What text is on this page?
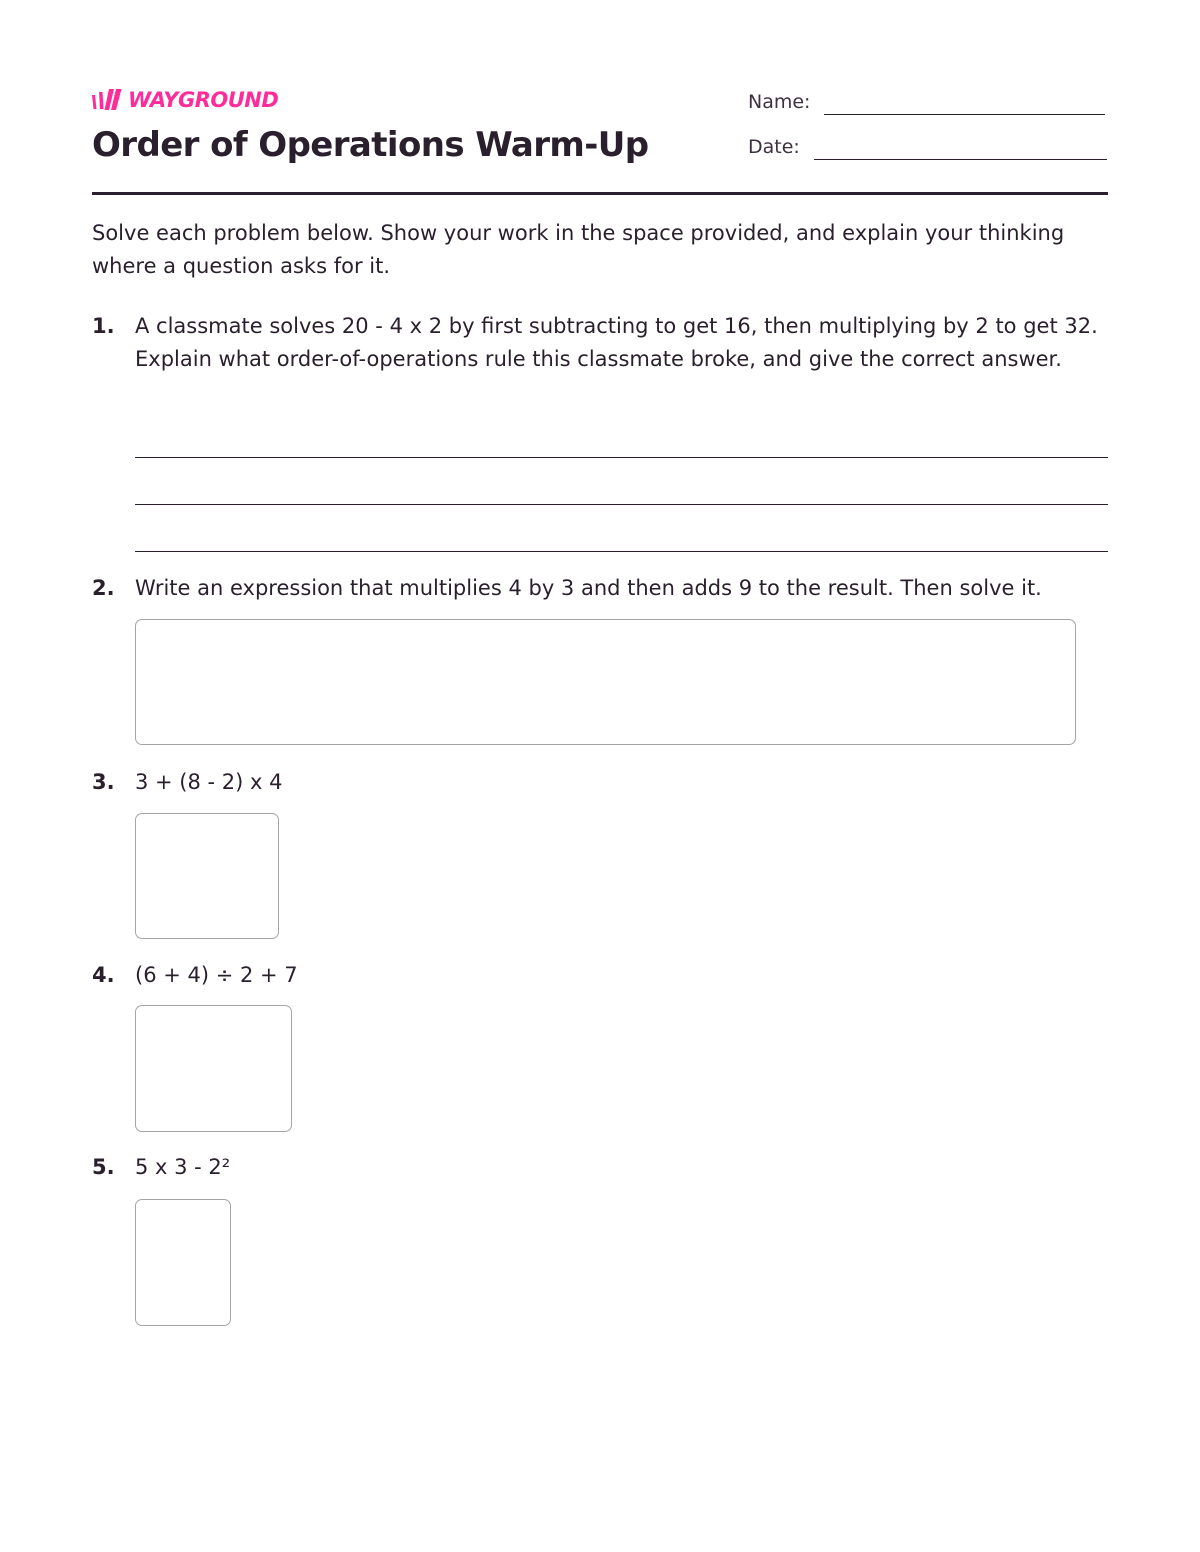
WAYGROUND
Order of Operations Warm-Up
Name:
Date:

Solve each problem below. Show your work in the space provided, and explain your thinking where a question asks for it.

1. A classmate solves 20 - 4 x 2 by first subtracting to get 16, then multiplying by 2 to get 32. Explain what order-of-operations rule this classmate broke, and give the correct answer.

2. Write an expression that multiplies 4 by 3 and then adds 9 to the result. Then solve it.

3. 3 + (8 - 2) x 4

4. (6 + 4) ÷ 2 + 7

5. 5 x 3 - 2²
